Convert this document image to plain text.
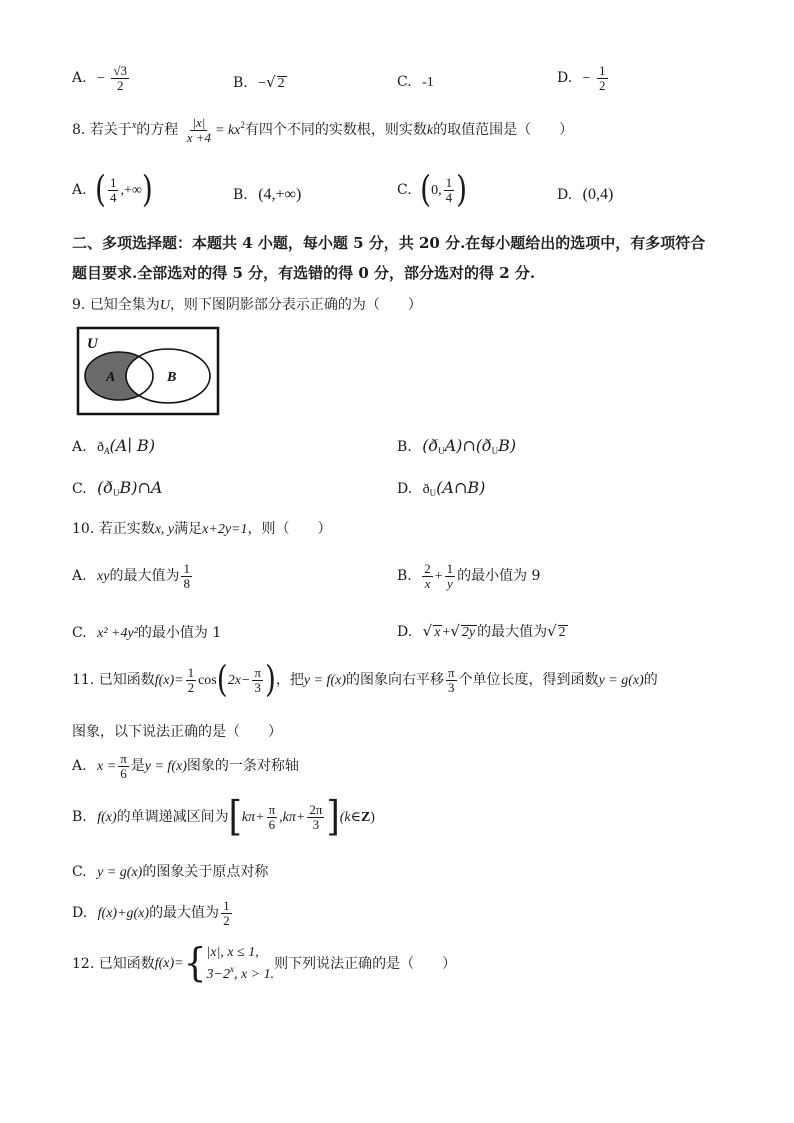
A. − $\frac{√3}{2}$	B. −√ 2	C. -1	D. − $\frac{1}{2}$
8. 若关于$^x$的方程 $\frac{|x|}{x +4} = kx^2$有四个不同的实数根，则实数k的取值范围是（　　）
A. ( $\frac{1}{4}$ ,+∞)	B. (4,+∞)	C. (0, $\frac{1}{4}$ )	D. (0,4)
二、多项选择题：本题共 4 小题，每小题 5 分，共 20 分.在每小题给出的选项中，有多项符合
题目要求.全部选对的得 5 分，有选错的得 0 分，部分选对的得 2 分.
9. 已知全集为U，则下图阴影部分表示正确的为（　　）
U
A	B
A. $ð_A(A∣$ B)	B. $(ð_UA)\cap(ð_UB)$
C. $(ð_UB)\cap A$	D. $ð_U(A\cap B)$
10. 若正实数x, y满足x+2y=1，则（　　）
A. xy的最大值为 $\frac{1}{8}$	B. $\frac{2}{x} + \frac{1}{y}$ 的最小值为 9
C. x² +4y²的最小值为 1	D. √ x +√ 2y 的最大值为√ 2
11. 已知函数$f(x)= \frac{1}{2} \cos(2x- \frac{\pi}{3}$ )，把y = f(x)的图象向右平移 $\frac{\pi}{3}$ 个单位长度，得到函数y = g(x)的
图象，以下说法正确的是（　　）
A. $x = \frac{\pi}{6}$ 是y = f(x)图象的一条对称轴
B. f(x)的单调递减区间为[$k\pi+ \frac{\pi}{6} ,k\pi+ \frac{2\pi}{3}$ ](k∈Z)
C. y = g(x)的图象关于原点对称
D. f(x)+g(x)的最大值为 $\frac{1}{2}$
12. 已知函数f(x)={ |x|, x ≤ 1,
$3-2^x$, x > 1.
则下列说法正确的是（　　）
